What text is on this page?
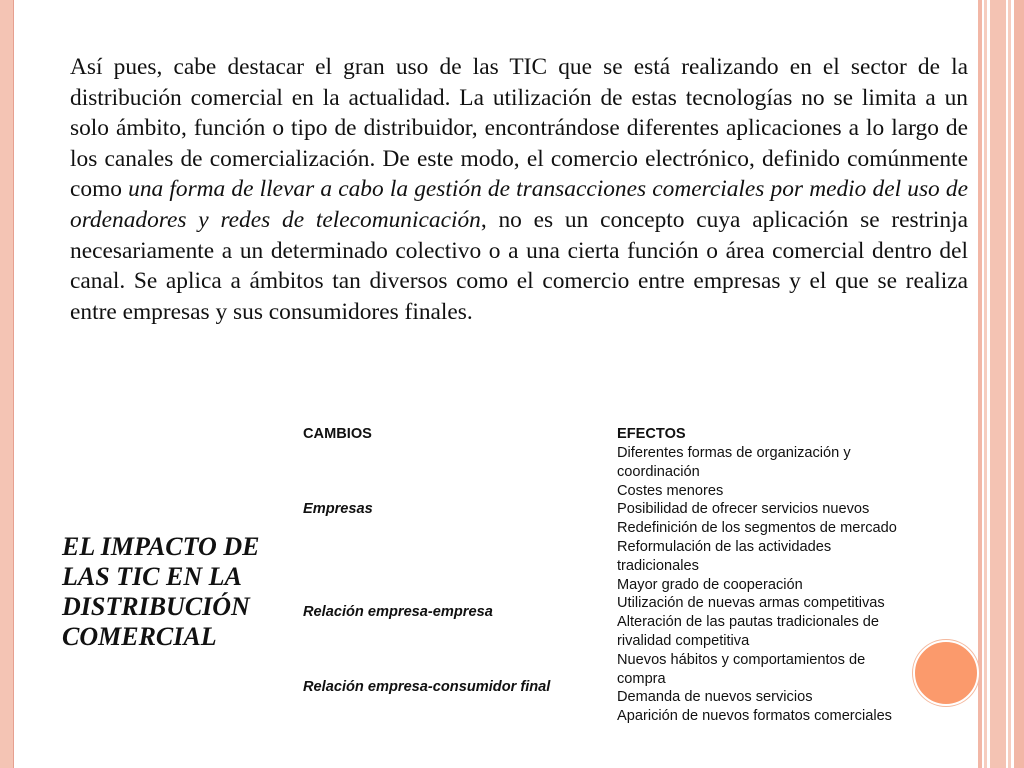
Así pues, cabe destacar el gran uso de las TIC que se está realizando en el sector de la distribución comercial en la actualidad. La utilización de estas tecnologías no se limita a un solo ámbito, función o tipo de distribuidor, encontrándose diferentes aplicaciones a lo largo de los canales de comercialización. De este modo, el comercio electrónico, definido comúnmente como una forma de llevar a cabo la gestión de transacciones comerciales por medio del uso de ordenadores y redes de telecomunicación, no es un concepto cuya aplicación se restrinja necesariamente a un determinado colectivo o a una cierta función o área comercial dentro del canal. Se aplica a ámbitos tan diversos como el comercio entre empresas y el que se realiza entre empresas y sus consumidores finales.

EL IMPACTO DE
LAS TIC EN LA
DISTRIBUCIÓN
COMERCIAL
CAMBIOS	EFECTOS
Empresas
Relación empresa-empresa
Relación empresa-consumidor final
Diferentes formas de organización y
coordinación
Costes menores
Posibilidad de ofrecer servicios nuevos
Redefinición de los segmentos de mercado
Reformulación de las actividades
tradicionales
Mayor grado de cooperación
Utilización de nuevas armas competitivas
Alteración de las pautas tradicionales de
rivalidad competitiva
Nuevos hábitos y comportamientos de
compra
Demanda de nuevos servicios
Aparición de nuevos formatos comerciales
